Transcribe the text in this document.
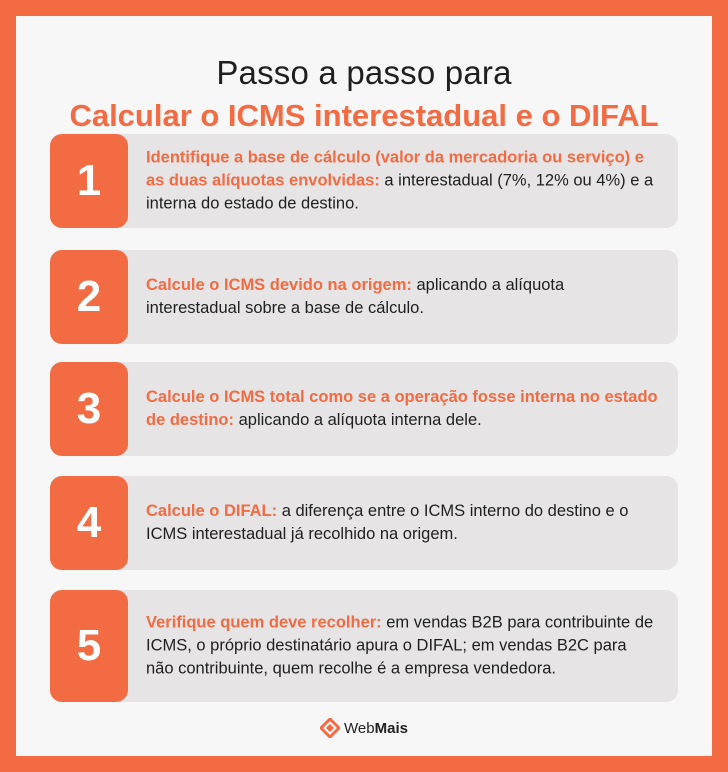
Passo a passo para
Calcular o ICMS interestadual e o DIFAL
1	Identifique a base de cálculo (valor da mercadoria ou serviço) e as duas alíquotas envolvidas: a interestadual (7%, 12% ou 4%) e a interna do estado de destino.
2	Calcule o ICMS devido na origem: aplicando a alíquota interestadual sobre a base de cálculo.
3	Calcule o ICMS total como se a operação fosse interna no estado de destino: aplicando a alíquota interna dele.
4	Calcule o DIFAL: a diferença entre o ICMS interno do destino e o ICMS interestadual já recolhido na origem.
5	Verifique quem deve recolher: em vendas B2B para contribuinte de ICMS, o próprio destinatário apura o DIFAL; em vendas B2C para não contribuinte, quem recolhe é a empresa vendedora.
WebMais
